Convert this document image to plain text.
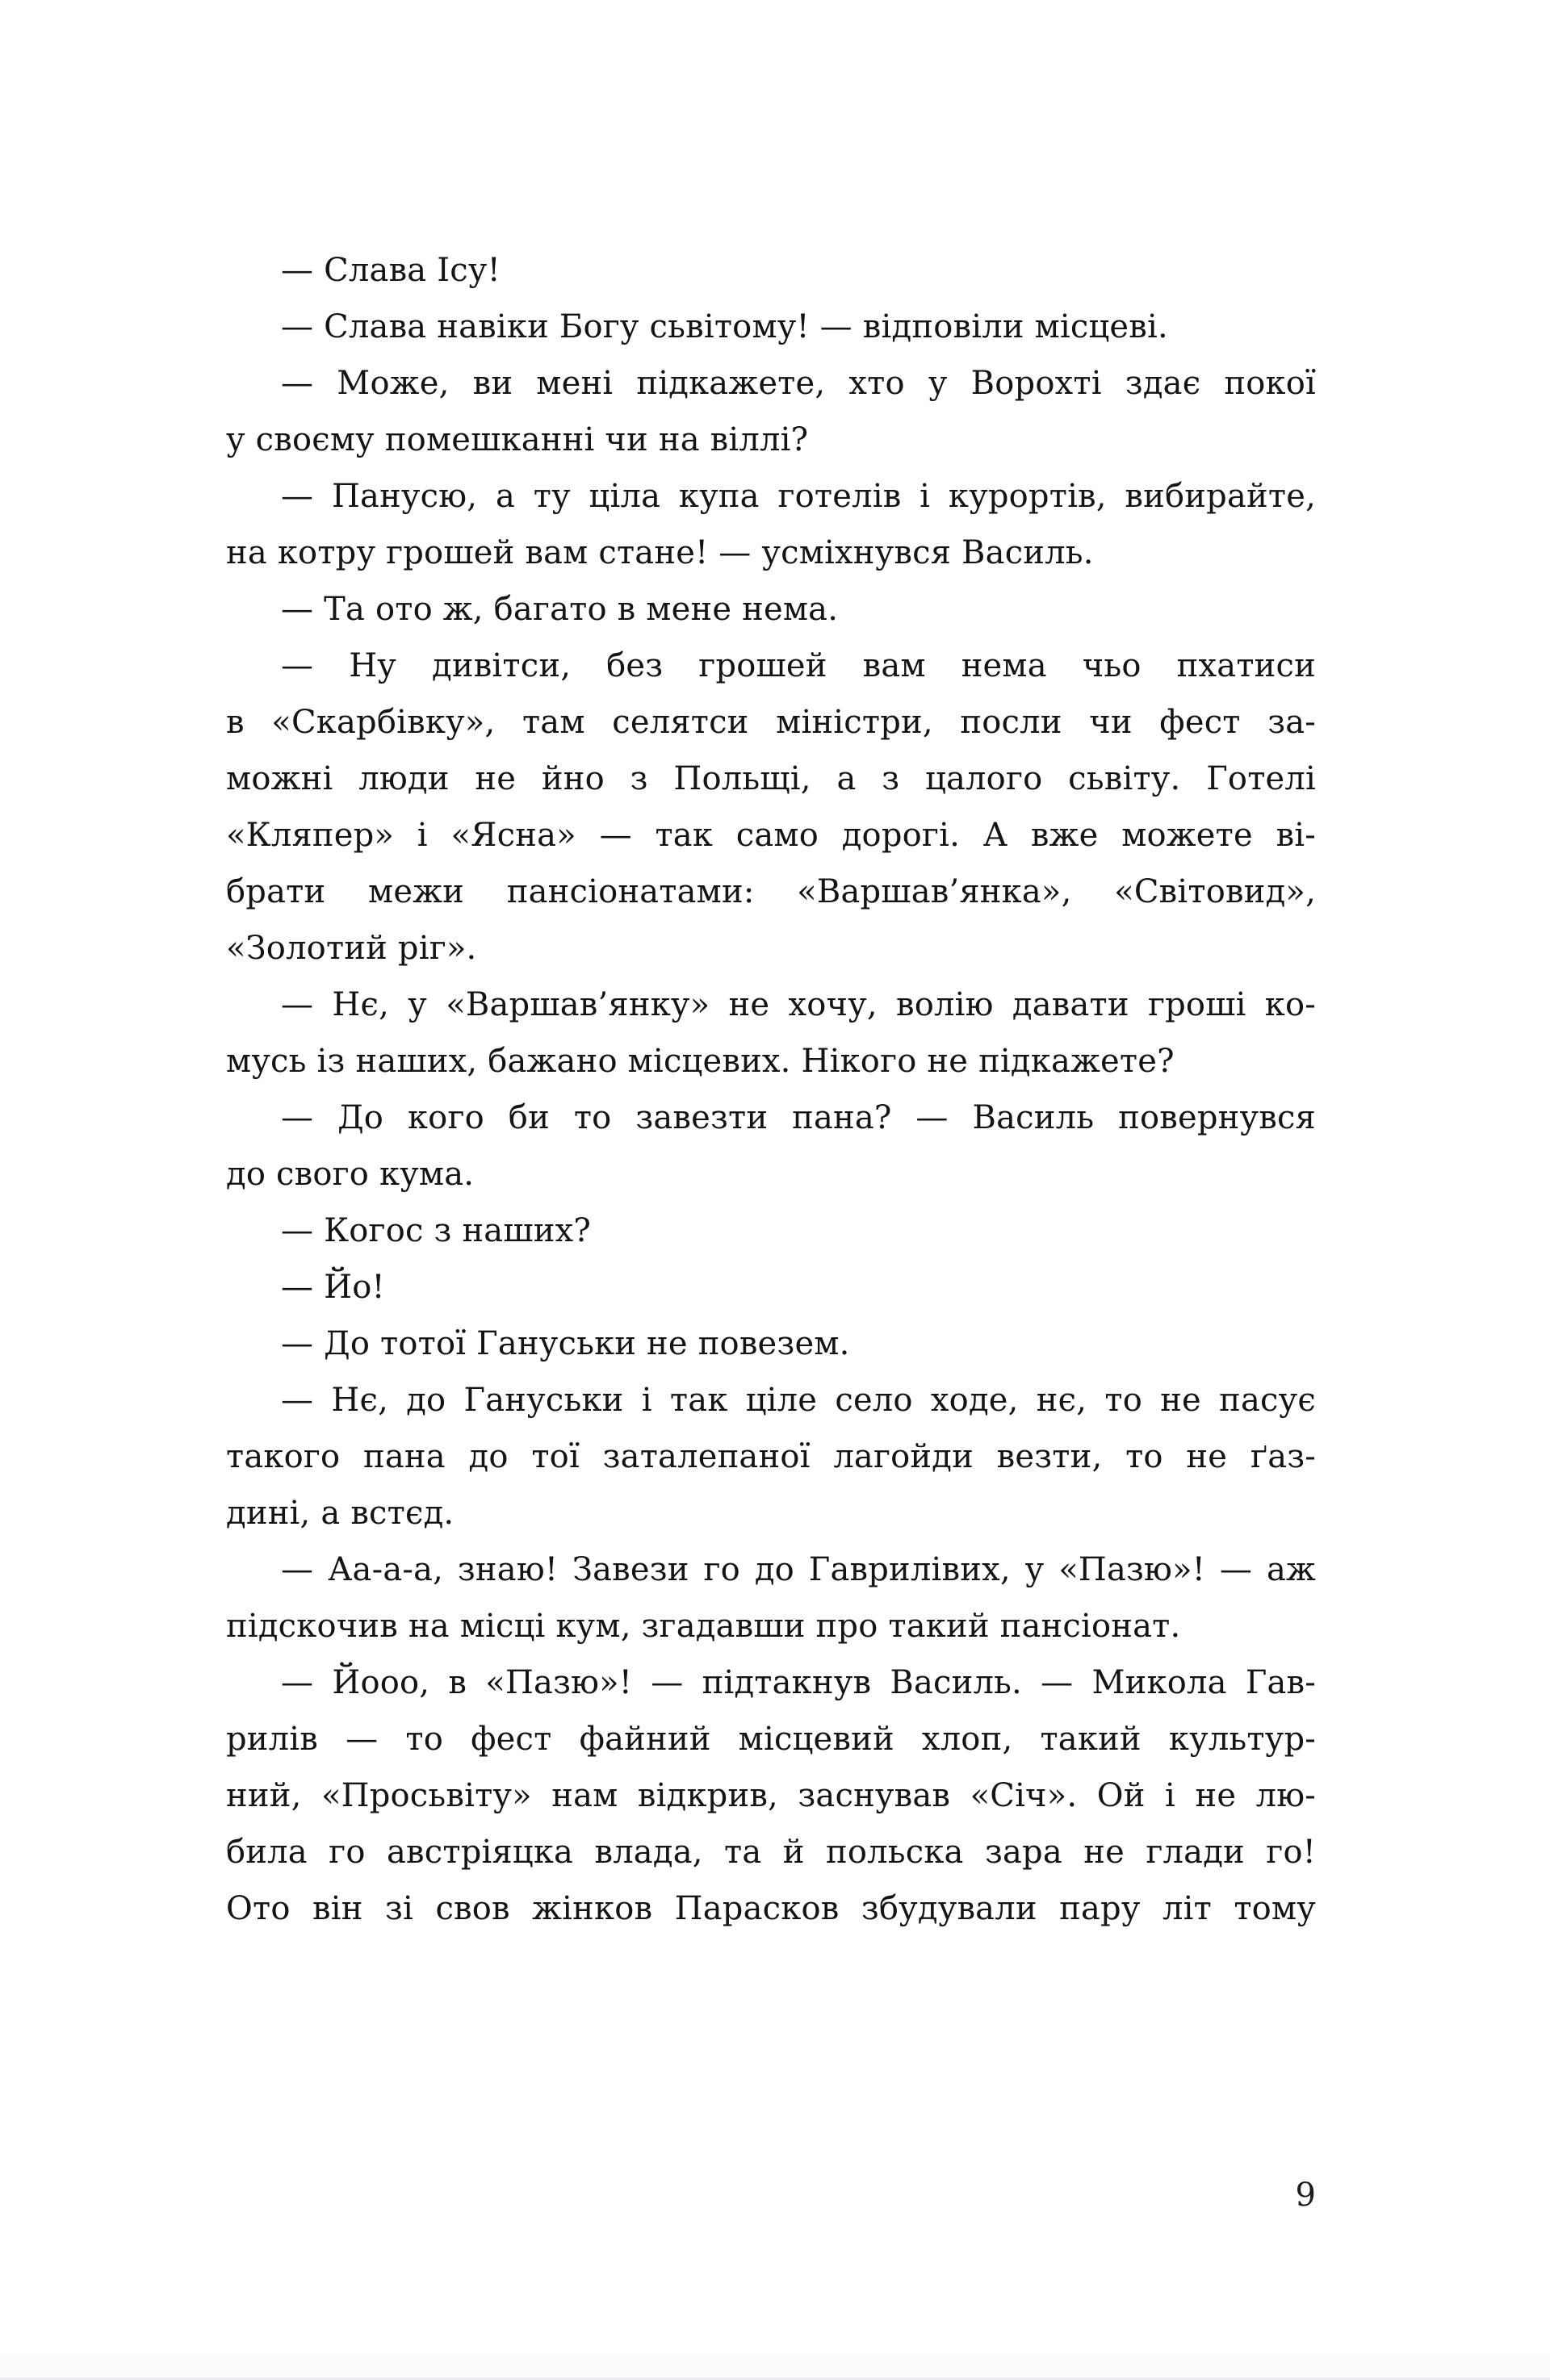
— Слава Ісу!
— Слава навіки Богу сьвітому! — відповіли місцеві.
— Може, ви мені підкажете, хто у Ворохті здає покої
у своєму помешканні чи на віллі?
— Панусю, а ту ціла купа готелів і курортів, вибирайте,
на котру грошей вам стане! — усміхнувся Василь.
— Та ото ж, багато в мене нема.
— Ну дивітси, без грошей вам нема чьо пхатиси
в «Скарбівку», там селятси міністри, посли чи фест за-
можні люди не йно з Польщі, а з цалого сьвіту. Готелі
«Кляпер» і «Ясна» — так само дорогі. А вже можете ві-
брати межи пансіонатами: «Варшав’янка», «Світовид»,
«Золотий ріг».
— Нє, у «Варшав’янку» не хочу, волію давати гроші ко-
мусь із наших, бажано місцевих. Нікого не підкажете?
— До кого би то завезти пана? — Василь повернувся
до свого кума.
— Когос з наших?
— Йо!
— До тотої Гануськи не повезем.
— Нє, до Гануськи і так ціле село ходе, нє, то не пасує
такого пана до тої заталепаної лагойди везти, то не ґаз-
дині, а встєд.
— Аа-а-а, знаю! Завези го до Гаврилівих, у «Пазю»! — аж
підскочив на місці кум, згадавши про такий пансіонат.
— Йооо, в «Пазю»! — підтакнув Василь. — Микола Гав-
рилів — то фест файний місцевий хлоп, такий культур-
ний, «Просьвіту» нам відкрив, заснував «Січ». Ой і не лю-
била го австріяцка влада, та й польска зара не глади го!
Ото він зі свов жінков Парасков збудували пару літ тому
9
